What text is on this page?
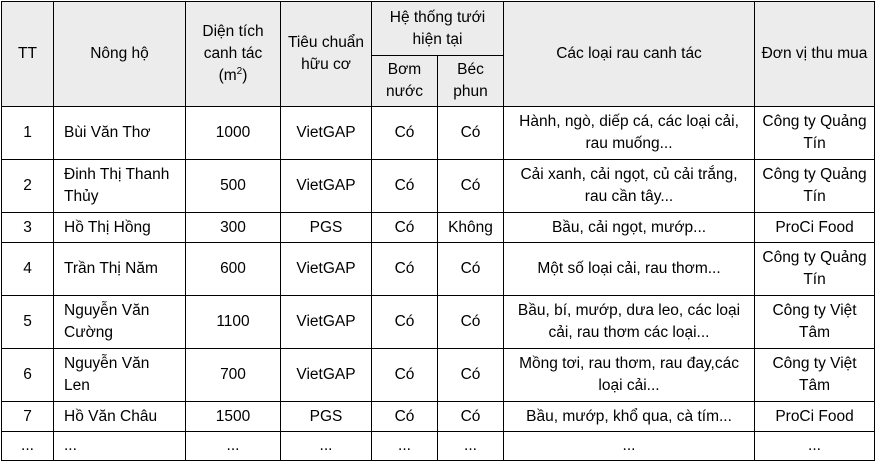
TT	Nông hộ	Diện tích canh tác $(m^2)$	Tiêu chuẩn hữu cơ	Hệ thống tưới hiện tại		Các loại rau canh tác	Đơn vị thu mua
				Bơm nước	Béc phun		
1	Bùi Văn Thơ	1000	VietGAP	Có	Có	Hành, ngò, diếp cá, các loại cải, rau muống...	Công ty Quảng Tín
2	Đinh Thị Thanh Thủy	500	VietGAP	Có	Có	Cải xanh, cải ngọt, củ cải trắng, rau cần tây...	Công ty Quảng Tín
3	Hồ Thị Hồng	300	PGS	Có	Không	Bầu, cải ngọt, mướp...	ProCi Food
4	Trần Thị Năm	600	VietGAP	Có	Có	Một số loại cải, rau thơm...	Công ty Quảng Tín
5	Nguyễn Văn Cường	1100	VietGAP	Có	Có	Bầu, bí, mướp, dưa leo, các loại cải, rau thơm các loại...	Công ty Việt Tâm
6	Nguyễn Văn Len	700	VietGAP	Có	Có	Mồng tơi, rau thơm, rau đay,các loại cải...	Công ty Việt Tâm
7	Hồ Văn Châu	1500	PGS	Có	Có	Bầu, mướp, khổ qua, cà tím...	ProCi Food
...	...	...	...	...	...	...	...
